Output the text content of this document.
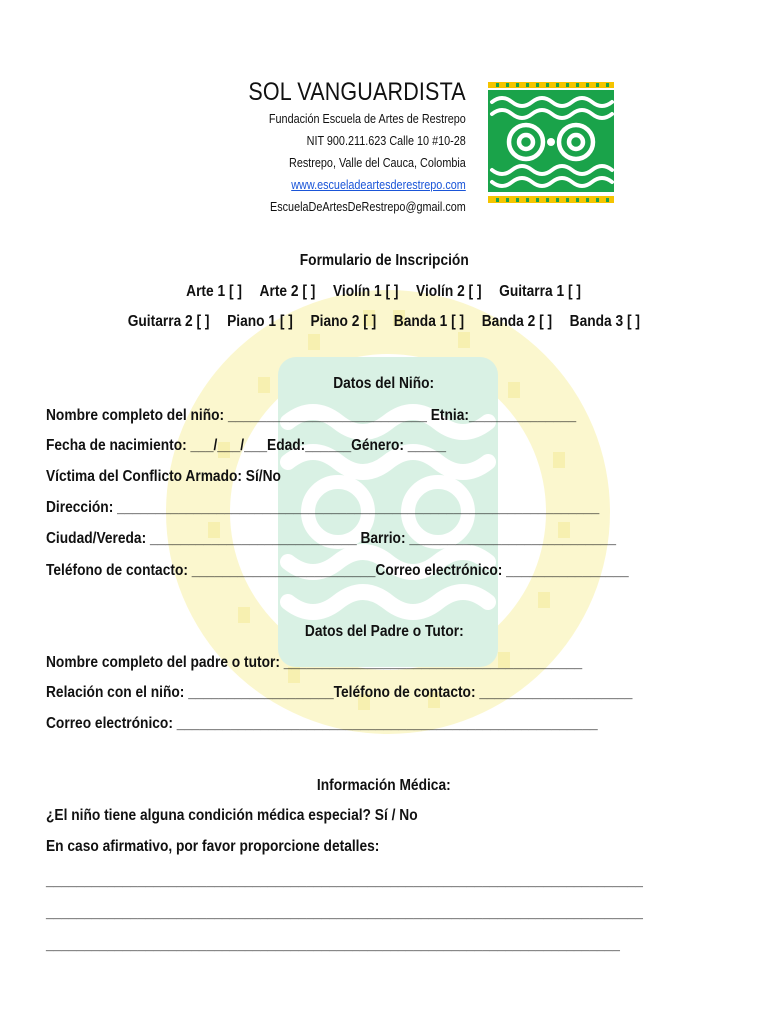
SOL VANGUARDISTA
Fundación Escuela de Artes de Restrepo
NIT 900.211.623 Calle 10 #10-28
Restrepo, Valle del Cauca, Colombia
www.escueladeartesderestrepo.com
EscuelaDeArtesDeRestrepo@gmail.com
Formulario de Inscripción
Arte 1 [ ] Arte 2 [ ] Violín 1 [ ] Violín 2 [ ] Guitarra 1 [ ]
Guitarra 2 [ ] Piano 1 [ ] Piano 2 [ ] Banda 1 [ ] Banda 2 [ ] Banda 3 [ ]
Datos del Niño:
Nombre completo del niño: __________________________ Etnia:______________
Fecha de nacimiento: ___/___/___Edad:______Género: _____
Víctima del Conflicto Armado: Sí/No
Dirección: _______________________________________________________________
Ciudad/Vereda: ___________________________ Barrio: ___________________________
Teléfono de contacto: ________________________Correo electrónico: ________________
Datos del Padre o Tutor:
Nombre completo del padre o tutor: _______________________________________
Relación con el niño: ___________________Teléfono de contacto: ____________________
Correo electrónico: _______________________________________________________
Información Médica:
¿El niño tiene alguna condición médica especial? Sí / No
En caso afirmativo, por favor proporcione detalles:
______________________________________________________________________________
______________________________________________________________________________
___________________________________________________________________________
